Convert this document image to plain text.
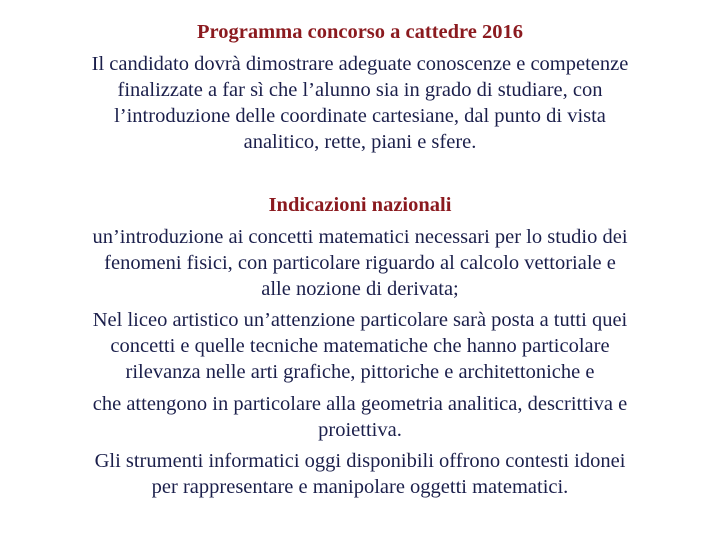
Programma concorso a cattedre 2016
Il candidato dovrà dimostrare adeguate conoscenze e competenze
finalizzate a far sì che l’alunno sia in grado di studiare, con
l’introduzione delle coordinate cartesiane, dal punto di vista
analitico, rette, piani e sfere.
Indicazioni nazionali
un’introduzione ai concetti matematici necessari per lo studio dei
fenomeni fisici, con particolare riguardo al calcolo vettoriale e
alle nozione di derivata;
Nel liceo artistico un’attenzione particolare sarà posta a tutti quei
concetti e quelle tecniche matematiche che hanno particolare
rilevanza nelle arti grafiche, pittoriche e architettoniche e
che attengono in particolare alla geometria analitica, descrittiva e
proiettiva.
Gli strumenti informatici oggi disponibili offrono contesti idonei
per rappresentare e manipolare oggetti matematici.
